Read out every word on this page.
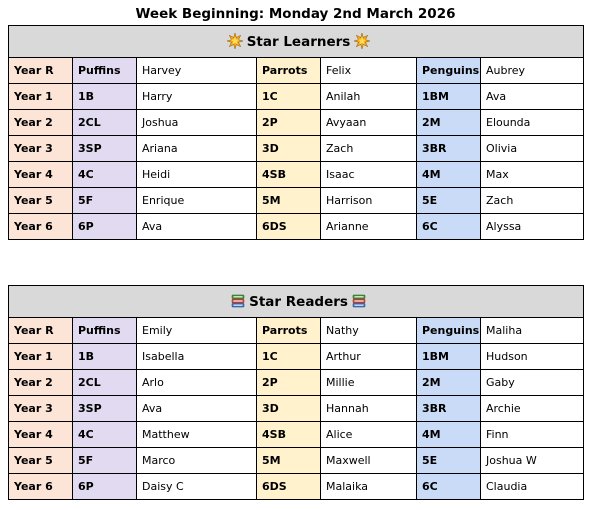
Week Beginning: Monday 2nd March 2026
Star Learners						
Year R	Puffins	Harvey	Parrots	Felix	Penguins	Aubrey
Year 1	1B	Harry	1C	Anilah	1BM	Ava
Year 2	2CL	Joshua	2P	Avyaan	2M	Elounda
Year 3	3SP	Ariana	3D	Zach	3BR	Olivia
Year 4	4C	Heidi	4SB	Isaac	4M	Max
Year 5	5F	Enrique	5M	Harrison	5E	Zach
Year 6	6P	Ava	6DS	Arianne	6C	Alyssa
Star Readers						
Year R	Puffins	Emily	Parrots	Nathy	Penguins	Maliha
Year 1	1B	Isabella	1C	Arthur	1BM	Hudson
Year 2	2CL	Arlo	2P	Millie	2M	Gaby
Year 3	3SP	Ava	3D	Hannah	3BR	Archie
Year 4	4C	Matthew	4SB	Alice	4M	Finn
Year 5	5F	Marco	5M	Maxwell	5E	Joshua W
Year 6	6P	Daisy C	6DS	Malaika	6C	Claudia
